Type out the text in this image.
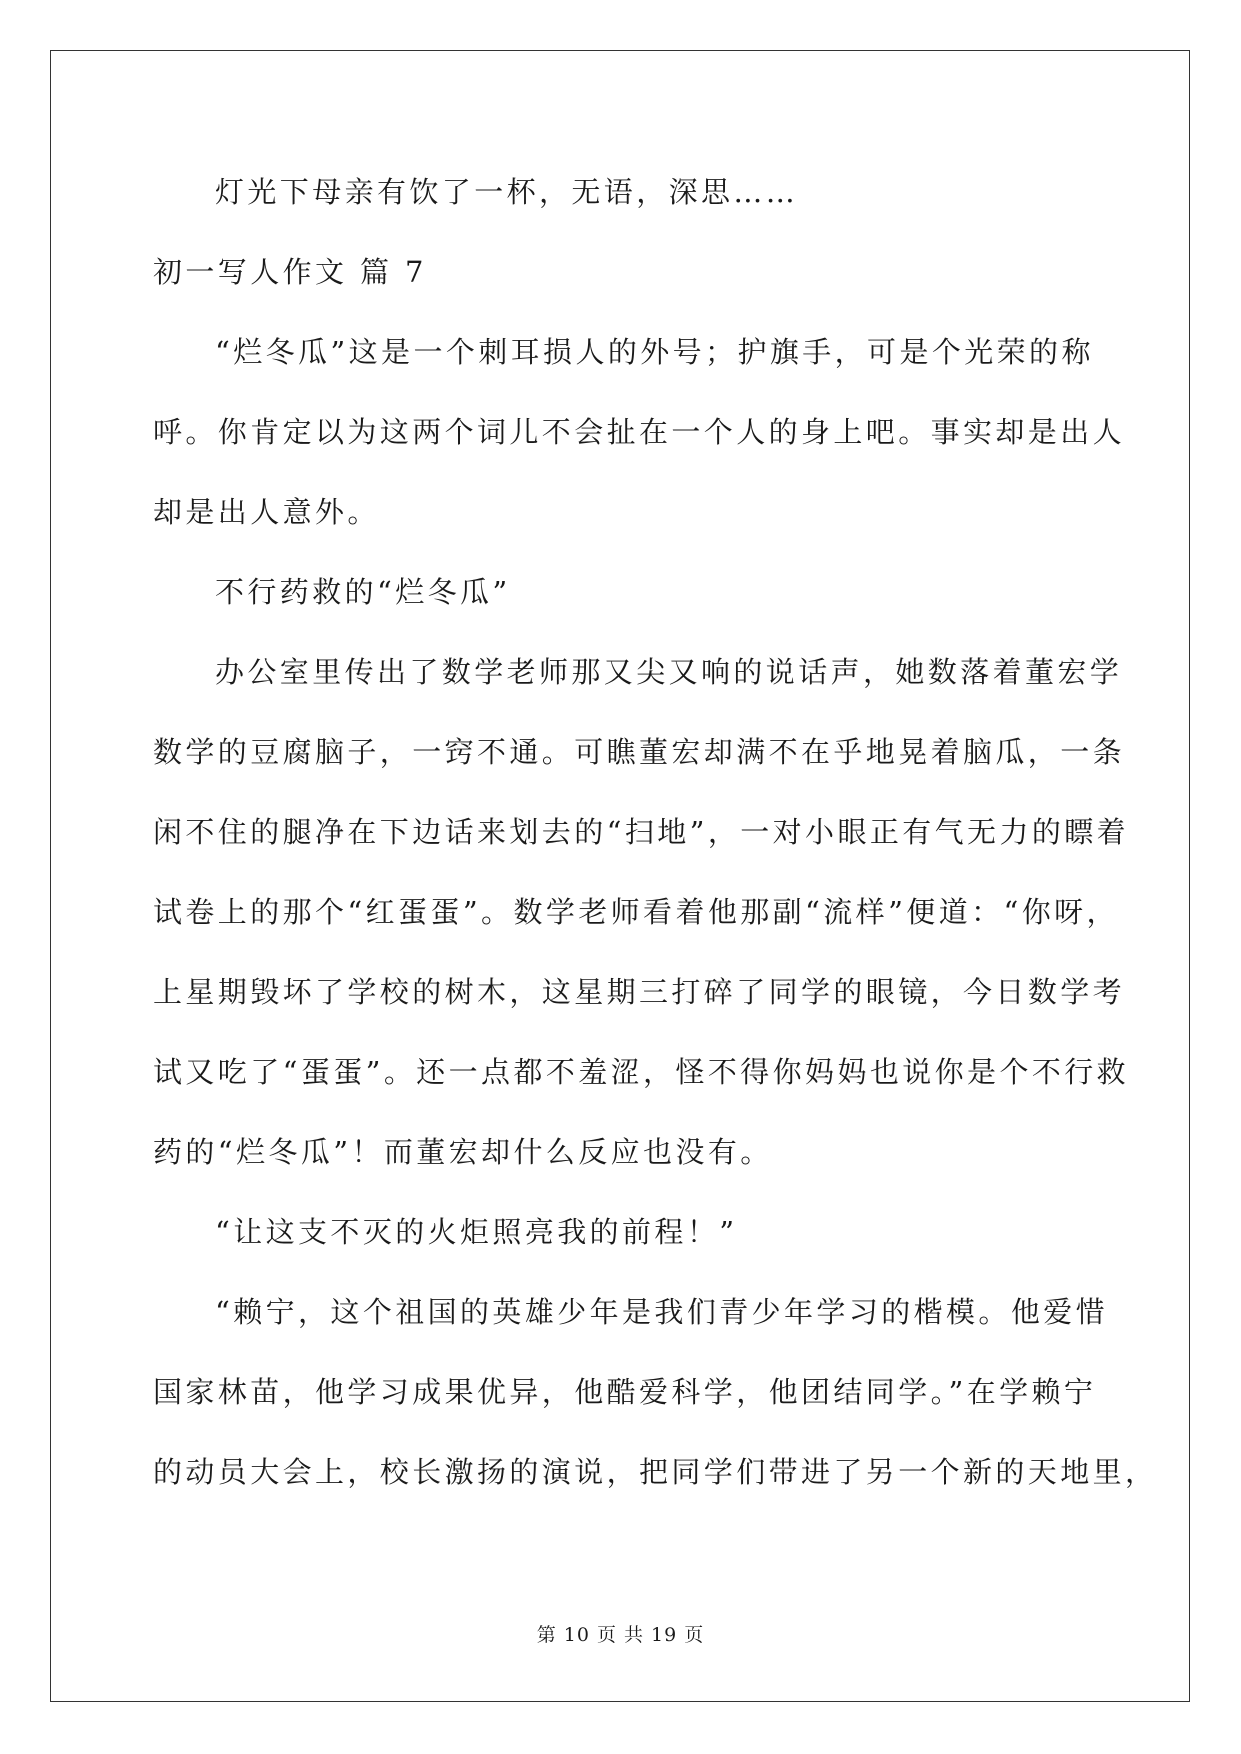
灯光下母亲有饮了一杯，无语，深思……
初一写人作文 篇 7
“烂冬瓜”这是一个刺耳损人的外号；护旗手，可是个光荣的称
呼。你肯定以为这两个词儿不会扯在一个人的身上吧。事实却是出人
却是出人意外。
不行药救的“烂冬瓜”
办公室里传出了数学老师那又尖又响的说话声，她数落着董宏学
数学的豆腐脑子，一窍不通。可瞧董宏却满不在乎地晃着脑瓜，一条
闲不住的腿净在下边话来划去的“扫地”，一对小眼正有气无力的瞟着
试卷上的那个“红蛋蛋”。数学老师看着他那副“流样”便道：“你呀，
上星期毁坏了学校的树木，这星期三打碎了同学的眼镜，今日数学考
试又吃了“蛋蛋”。还一点都不羞涩，怪不得你妈妈也说你是个不行救
药的“烂冬瓜”！而董宏却什么反应也没有。
“让这支不灭的火炬照亮我的前程！”
“赖宁，这个祖国的英雄少年是我们青少年学习的楷模。他爱惜
国家林苗，他学习成果优异，他酷爱科学，他团结同学。”在学赖宁
的动员大会上，校长激扬的演说，把同学们带进了另一个新的天地里，
第 10 页 共 19 页
